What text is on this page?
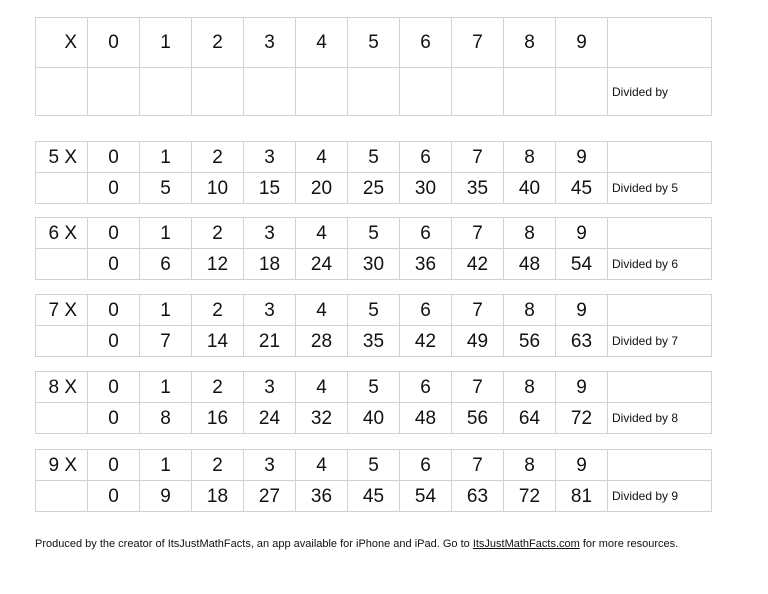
X	0	1	2	3	4	5	6	7	8	9	
											Divided by
5 X	0	1	2	3	4	5	6	7	8	9	
	0	5	10	15	20	25	30	35	40	45	Divided by 5
6 X	0	1	2	3	4	5	6	7	8	9	
	0	6	12	18	24	30	36	42	48	54	Divided by 6
7 X	0	1	2	3	4	5	6	7	8	9	
	0	7	14	21	28	35	42	49	56	63	Divided by 7
8 X	0	1	2	3	4	5	6	7	8	9	
	0	8	16	24	32	40	48	56	64	72	Divided by 8
9 X	0	1	2	3	4	5	6	7	8	9	
	0	9	18	27	36	45	54	63	72	81	Divided by 9
Produced by the creator of ItsJustMathFacts, an app available for iPhone and iPad. Go to ItsJustMathFacts.com for more resources.
